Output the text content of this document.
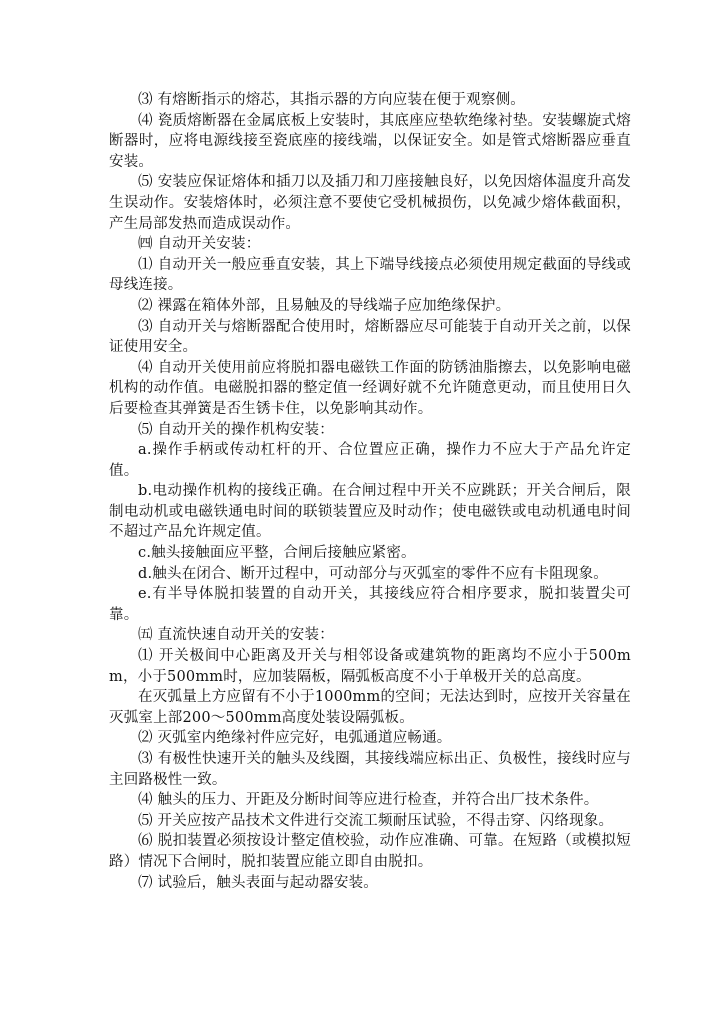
⑶ 有熔断指示的熔芯，其指示器的方向应装在便于观察侧。

⑷ 瓷质熔断器在金属底板上安装时，其底座应垫软绝缘衬垫。安装螺旋式熔断器时，应将电源线接至瓷底座的接线端，以保证安全。如是管式熔断器应垂直安装。

⑸ 安装应保证熔体和插刀以及插刀和刀座接触良好，以免因熔体温度升高发生误动作。安装熔体时，必须注意不要使它受机械损伤，以免减少熔体截面积，产生局部发热而造成误动作。

㈣ 自动开关安装：

⑴ 自动开关一般应垂直安装，其上下端导线接点必须使用规定截面的导线或母线连接。

⑵ 裸露在箱体外部，且易触及的导线端子应加绝缘保护。

⑶ 自动开关与熔断器配合使用时，熔断器应尽可能装于自动开关之前，以保证使用安全。

⑷ 自动开关使用前应将脱扣器电磁铁工作面的防锈油脂擦去，以免影响电磁机构的动作值。电磁脱扣器的整定值一经调好就不允许随意更动，而且使用日久后要检查其弹簧是否生锈卡住，以免影响其动作。

⑸ 自动开关的操作机构安装：

a.操作手柄或传动杠杆的开、合位置应正确，操作力不应大于产品允许定值。

b.电动操作机构的接线正确。在合闸过程中开关不应跳跃；开关合闸后，限制电动机或电磁铁通电时间的联锁装置应及时动作；使电磁铁或电动机通电时间不超过产品允许规定值。

c.触头接触面应平整，合闸后接触应紧密。

d.触头在闭合、断开过程中，可动部分与灭弧室的零件不应有卡阻现象。

e.有半导体脱扣装置的自动开关，其接线应符合相序要求，脱扣装置尖可靠。

㈤ 直流快速自动开关的安装：

⑴ 开关极间中心距离及开关与相邻设备或建筑物的距离均不应小于500mm，小于500mm时，应加装隔板，隔弧板高度不小于单极开关的总高度。

在灭弧量上方应留有不小于1000mm的空间；无法达到时，应按开关容量在灭弧室上部200～500mm高度处装设隔弧板。

⑵ 灭弧室内绝缘衬件应完好，电弧通道应畅通。

⑶ 有极性快速开关的触头及线圈，其接线端应标出正、负极性，接线时应与主回路极性一致。

⑷ 触头的压力、开距及分断时间等应进行检查，并符合出厂技术条件。

⑸ 开关应按产品技术文件进行交流工频耐压试验，不得击穿、闪络现象。

⑹ 脱扣装置必须按设计整定值校验，动作应准确、可靠。在短路（或模拟短路）情况下合闸时，脱扣装置应能立即自由脱扣。

⑺ 试验后，触头表面与起动器安装。
